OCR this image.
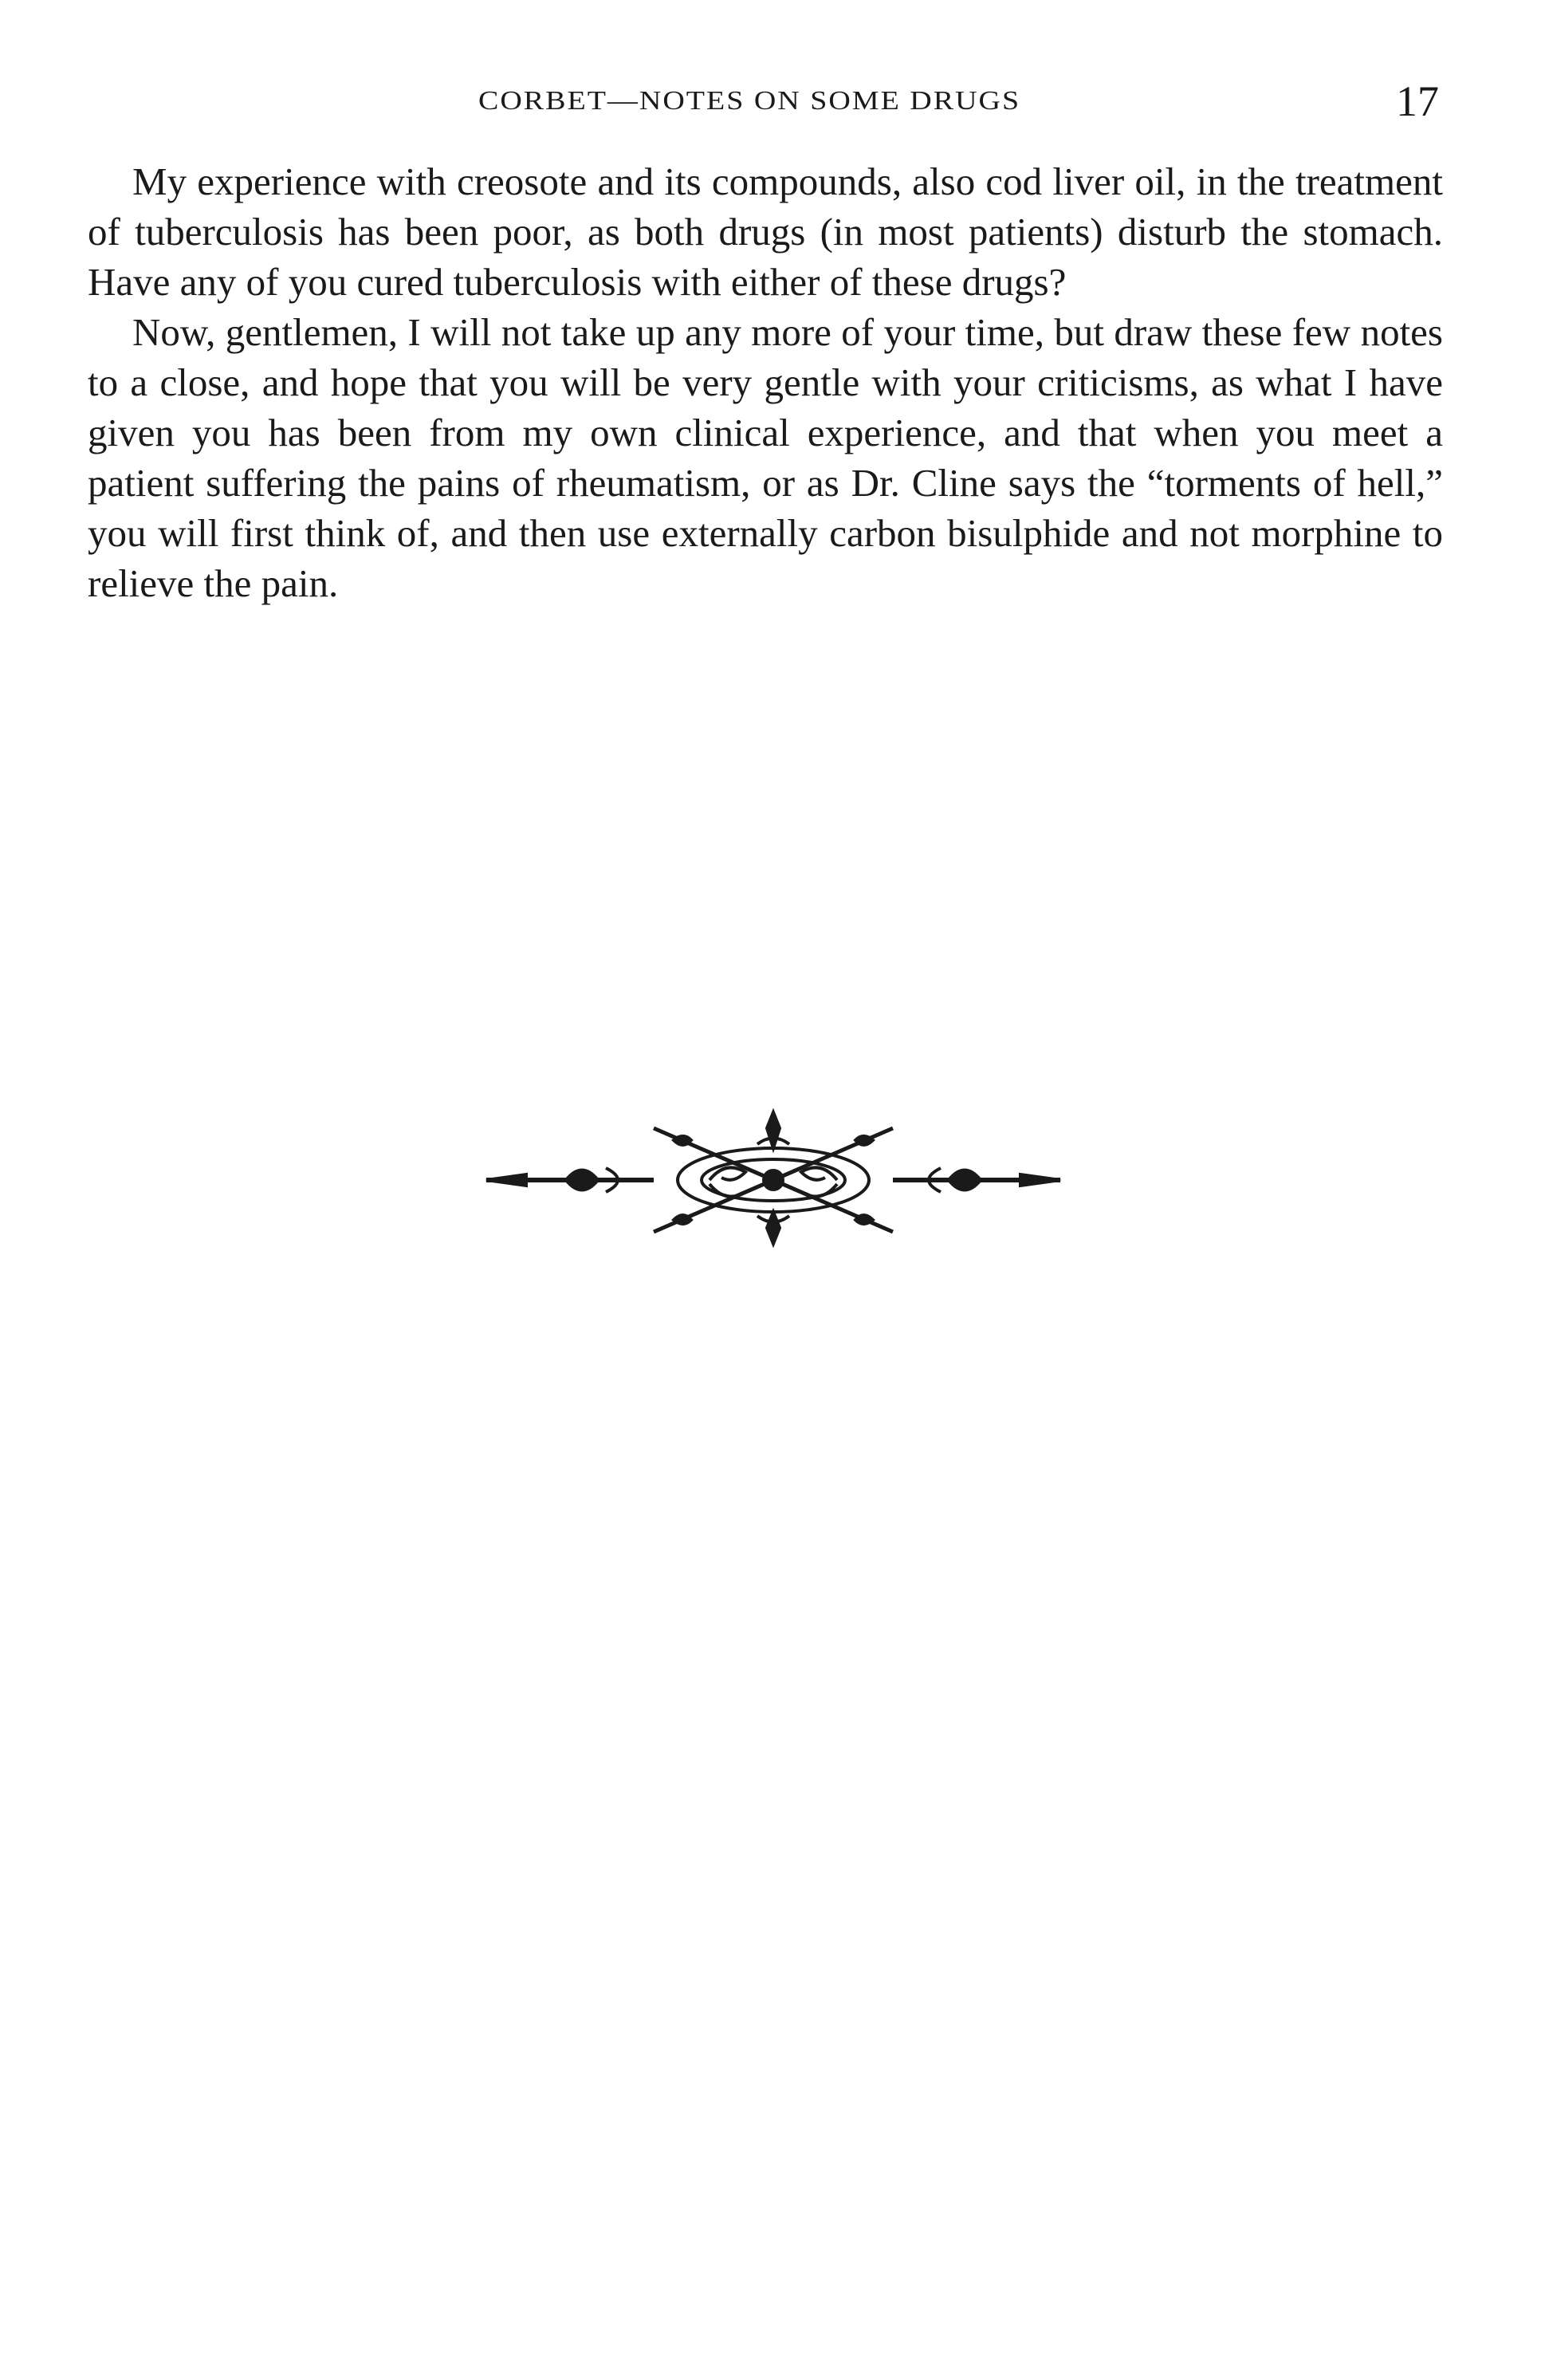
CORBET—NOTES ON SOME DRUGS	17

My experience with creosote and its compounds, also cod liver oil, in the treatment of tuberculosis has been poor, as both drugs (in most patients) disturb the stomach. Have any of you cured tuberculosis with either of these drugs?

Now, gentlemen, I will not take up any more of your time, but draw these few notes to a close, and hope that you will be very gentle with your criticisms, as what I have given you has been from my own clinical experience, and that when you meet a patient suffering the pains of rheumatism, or as Dr. Cline says the “torments of hell,” you will first think of, and then use externally carbon bisulphide and not morphine to relieve the pain.
